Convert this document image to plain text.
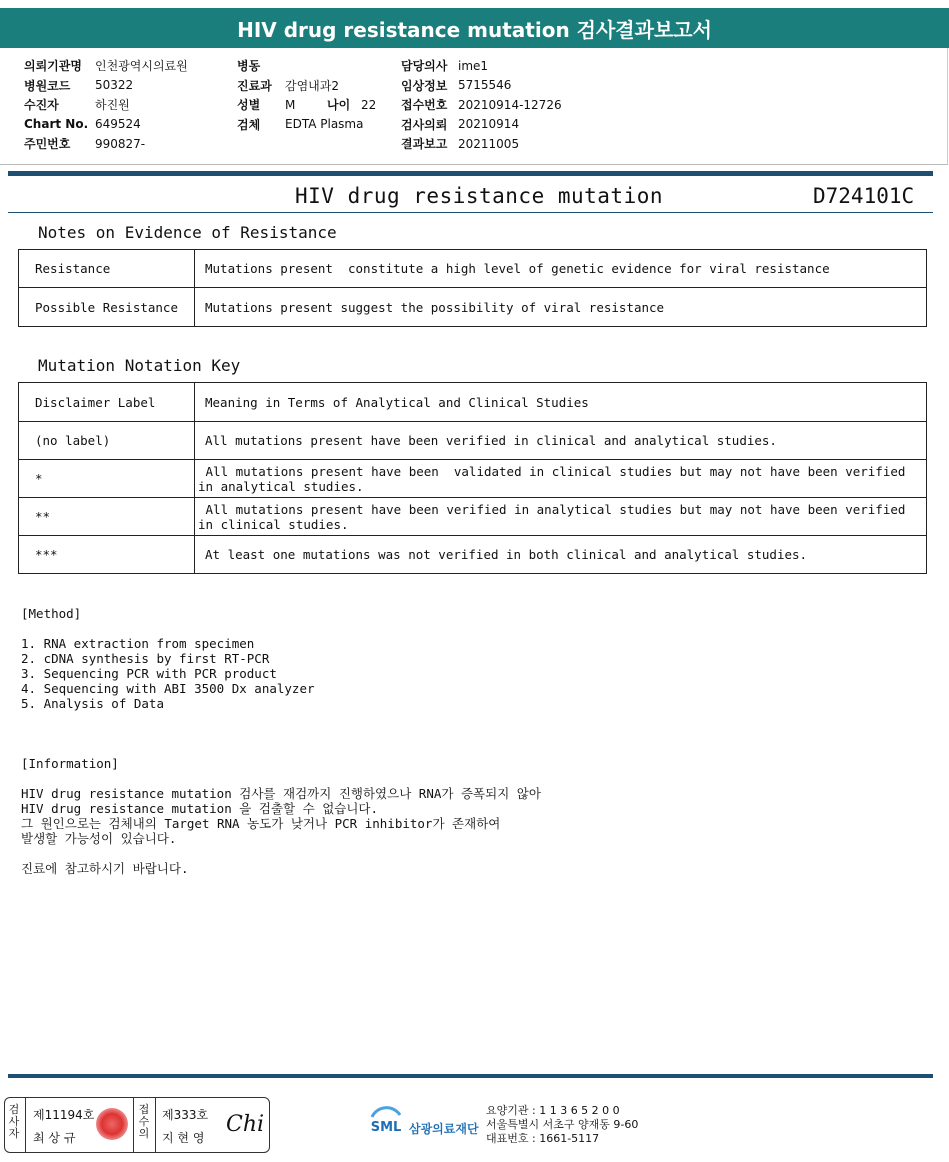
HIV drug resistance mutation 검사결과보고서
의뢰기관명	인천광역시의료원
병원코드	50322
수진자	하진원
Chart No. 649524
주민번호	990827-
병동
진료과	감염내과2
성별	M	나이 22
검체	EDTA Plasma
담당의사 ime1
임상정보 5715546
접수번호 20210914-12726
검사의뢰 20210914
결과보고 20211005
HIV drug resistance mutation	D724101C
Notes on Evidence of Resistance
Resistance	Mutations present  constitute a high level of genetic evidence for viral resistance
Possible Resistance	Mutations present suggest the possibility of viral resistance
Mutation Notation Key
Disclaimer Label	Meaning in Terms of Analytical and Clinical Studies
(no label)	All mutations present have been verified in clinical and analytical studies.
*	All mutations present have been  validated in clinical studies but may not have been verified
in analytical studies.
**	All mutations present have been verified in analytical studies but may not have been verified
in clinical studies.
***	At least one mutations was not verified in both clinical and analytical studies.
[Method]
1. RNA extraction from specimen
2. cDNA synthesis by first RT-PCR
3. Sequencing PCR with PCR product
4. Sequencing with ABI 3500 Dx analyzer
5. Analysis of Data
[Information]
HIV drug resistance mutation 검사를 재검까지 진행하였으나 RNA가 증폭되지 않아
HIV drug resistance mutation 을 검출할 수 없습니다.
그 원인으로는 검체내의 Target RNA 농도가 낮거나 PCR inhibitor가 존재하여
발생할 가능성이 있습니다.
진료에 참고하시기 바랍니다.
검사자
제11194호
최 상 규
접수의
제333호
지 현 영
Chi	SML 삼광의료재단
요양기관 : 1 1 3 6 5 2 0 0
서울특별시 서초구 양재동 9-60
대표번호 : 1661-5117
